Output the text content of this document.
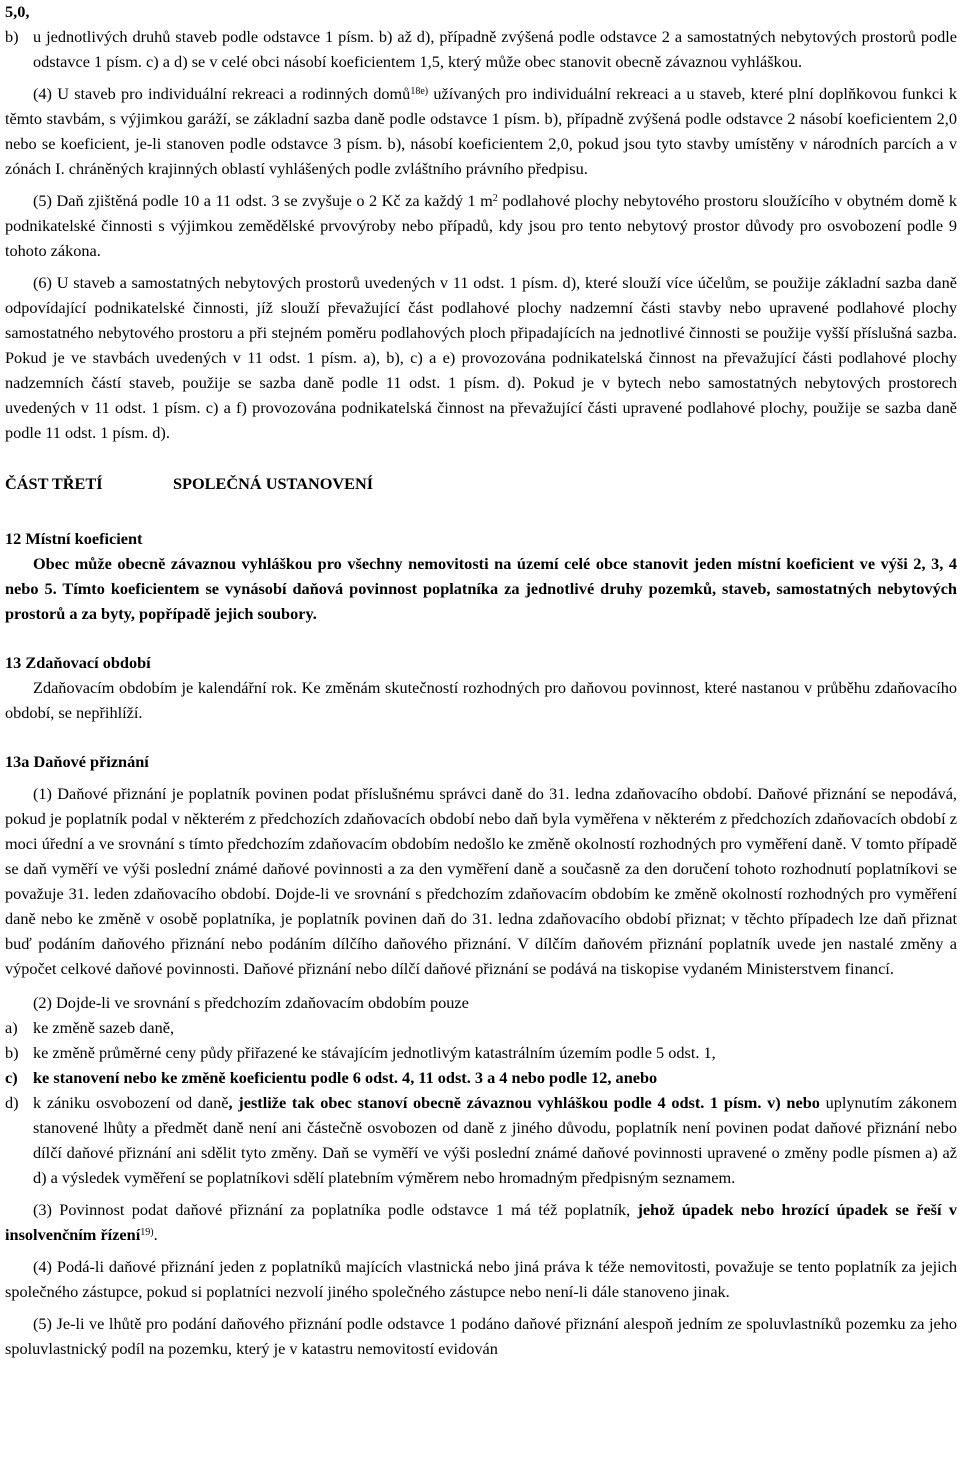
5,0,
b) u jednotlivých druhů staveb podle odstavce 1 písm. b) až d), případně zvýšená podle odstavce 2 a samostatných nebytových prostorů podle odstavce 1 písm. c) a d) se v celé obci násobí koeficientem 1,5, který může obec stanovit obecně závaznou vyhláškou.

(4) U staveb pro individuální rekreaci a rodinných domů$^{18e)}$ užívaných pro individuální rekreaci a u staveb, které plní doplňkovou funkci k těmto stavbám, s výjimkou garáží, se základní sazba daně podle odstavce 1 písm. b), případně zvýšená podle odstavce 2 násobí koeficientem 2,0 nebo se koeficient, je-li stanoven podle odstavce 3 písm. b), násobí koeficientem 2,0, pokud jsou tyto stavby umístěny v národních parcích a v zónách I. chráněných krajinných oblastí vyhlášených podle zvláštního právního předpisu.

(5) Daň zjištěná podle 10 a 11 odst. 3 se zvyšuje o 2 Kč za každý 1 $m^2$ podlahové plochy nebytového prostoru sloužícího v obytném domě k podnikatelské činnosti s výjimkou zemědělské prvovýroby nebo případů, kdy jsou pro tento nebytový prostor důvody pro osvobození podle 9 tohoto zákona.

(6) U staveb a samostatných nebytových prostorů uvedených v 11 odst. 1 písm. d), které slouží více účelům, se použije základní sazba daně odpovídající podnikatelské činnosti, jíž slouží převažující část podlahové plochy nadzemní části stavby nebo upravené podlahové plochy samostatného nebytového prostoru a při stejném poměru podlahových ploch připadajících na jednotlivé činnosti se použije vyšší příslušná sazba. Pokud je ve stavbách uvedených v 11 odst. 1 písm. a), b), c) a e) provozována podnikatelská činnost na převažující části podlahové plochy nadzemních částí staveb, použije se sazba daně podle 11 odst. 1 písm. d). Pokud je v bytech nebo samostatných nebytových prostorech uvedených v 11 odst. 1 písm. c) a f) provozována podnikatelská činnost na převažující části upravené podlahové plochy, použije se sazba daně podle 11 odst. 1 písm. d).

ČÁST TŘETÍ	SPOLEČNÁ USTANOVENÍ
12 Místní koeficient

Obec může obecně závaznou vyhláškou pro všechny nemovitosti na území celé obce stanovit jeden místní koeficient ve výši 2, 3, 4 nebo 5. Tímto koeficientem se vynásobí daňová povinnost poplatníka za jednotlivé druhy pozemků, staveb, samostatných nebytových prostorů a za byty, popřípadě jejich soubory.

13 Zdaňovací období

Zdaňovacím obdobím je kalendářní rok. Ke změnám skutečností rozhodných pro daňovou povinnost, které nastanou v průběhu zdaňovacího období, se nepřihlíží.

13a Daňové přiznání

(1) Daňové přiznání je poplatník povinen podat příslušnému správci daně do 31. ledna zdaňovacího období. Daňové přiznání se nepodává, pokud je poplatník podal v některém z předchozích zdaňovacích období nebo daň byla vyměřena v některém z předchozích zdaňovacích období z moci úřední a ve srovnání s tímto předchozím zdaňovacím obdobím nedošlo ke změně okolností rozhodných pro vyměření daně. V tomto případě se daň vyměří ve výši poslední známé daňové povinnosti a za den vyměření daně a současně za den doručení tohoto rozhodnutí poplatníkovi se považuje 31. leden zdaňovacího období. Dojde-li ve srovnání s předchozím zdaňovacím obdobím ke změně okolností rozhodných pro vyměření daně nebo ke změně v osobě poplatníka, je poplatník povinen daň do 31. ledna zdaňovacího období přiznat; v těchto případech lze daň přiznat buď podáním daňového přiznání nebo podáním dílčího daňového přiznání. V dílčím daňovém přiznání poplatník uvede jen nastalé změny a výpočet celkové daňové povinnosti. Daňové přiznání nebo dílčí daňové přiznání se podává na tiskopise vydaném Ministerstvem financí.

(2) Dojde-li ve srovnání s předchozím zdaňovacím obdobím pouze

a) ke změně sazeb daně,
b) ke změně průměrné ceny půdy přiřazené ke stávajícím jednotlivým katastrálním územím podle 5 odst. 1,
c) ke stanovení nebo ke změně koeficientu podle 6 odst. 4, 11 odst. 3 a 4 nebo podle 12, anebo
d) k zániku osvobození od daně, jestliže tak obec stanoví obecně závaznou vyhláškou podle 4 odst. 1 písm. v) nebo uplynutím zákonem stanovené lhůty a předmět daně není ani částečně osvobozen od daně z jiného důvodu, poplatník není povinen podat daňové přiznání nebo dílčí daňové přiznání ani sdělit tyto změny. Daň se vyměří ve výši poslední známé daňové povinnosti upravené o změny podle písmen a) až d) a výsledek vyměření se poplatníkovi sdělí platebním výměrem nebo hromadným předpisným seznamem.

(3) Povinnost podat daňové přiznání za poplatníka podle odstavce 1 má též poplatník, jehož úpadek nebo hrozící úpadek se řeší v insolvenčním řízení$^{19)}$.

(4) Podá-li daňové přiznání jeden z poplatníků majících vlastnická nebo jiná práva k téže nemovitosti, považuje se tento poplatník za jejich společného zástupce, pokud si poplatníci nezvolí jiného společného zástupce nebo není-li dále stanoveno jinak.

(5) Je-li ve lhůtě pro podání daňového přiznání podle odstavce 1 podáno daňové přiznání alespoň jedním ze spoluvlastníků pozemku za jeho spoluvlastnický podíl na pozemku, který je v katastru nemovitostí evidován
